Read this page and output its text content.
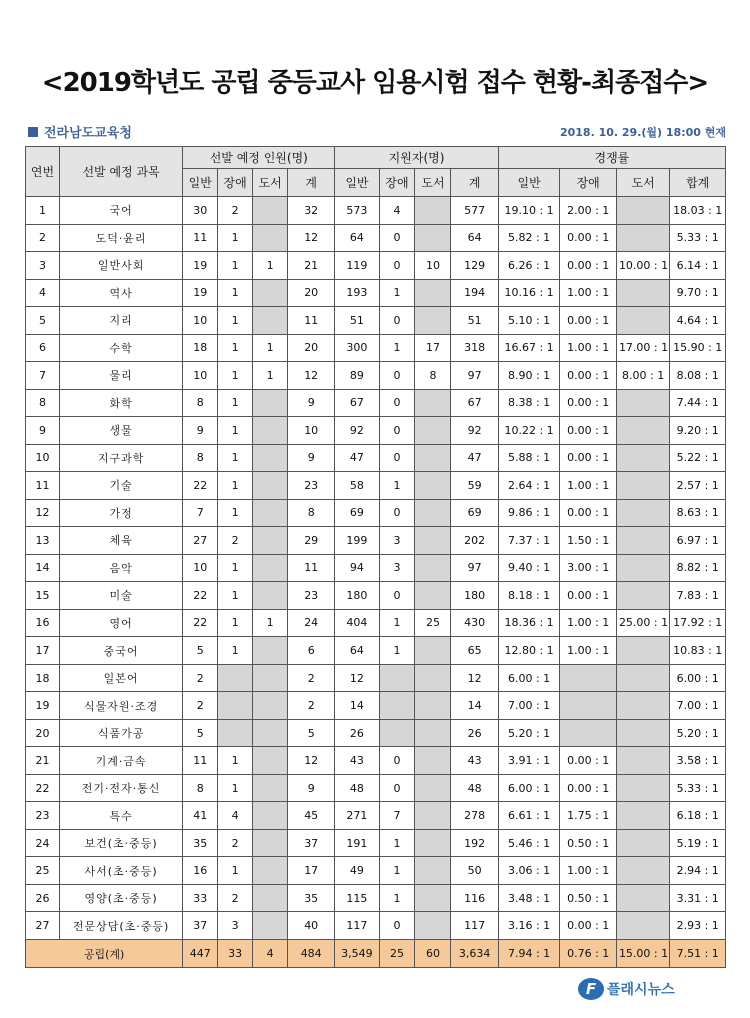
<2019학년도 공립 중등교사 임용시험 접수 현황-최종접수>
전라남도교육청	2018. 10. 29.(월) 18:00 현재
연번	선발 예정 과목	선발 예정 인원(명)				지원자(명)				경쟁률			
		일반	장애	도서	계	일반	장애	도서	계	일반	장애	도서	합계
1	국어	30	2		32	573	4		577	19.10 : 1	2.00 : 1		18.03 : 1
2	도덕·윤리	11	1		12	64	0		64	5.82 : 1	0.00 : 1		5.33 : 1
3	일반사회	19	1	1	21	119	0	10	129	6.26 : 1	0.00 : 1	10.00 : 1	6.14 : 1
4	역사	19	1		20	193	1		194	10.16 : 1	1.00 : 1		9.70 : 1
5	지리	10	1		11	51	0		51	5.10 : 1	0.00 : 1		4.64 : 1
6	수학	18	1	1	20	300	1	17	318	16.67 : 1	1.00 : 1	17.00 : 1	15.90 : 1
7	물리	10	1	1	12	89	0	8	97	8.90 : 1	0.00 : 1	8.00 : 1	8.08 : 1
8	화학	8	1		9	67	0		67	8.38 : 1	0.00 : 1		7.44 : 1
9	생물	9	1		10	92	0		92	10.22 : 1	0.00 : 1		9.20 : 1
10	지구과학	8	1		9	47	0		47	5.88 : 1	0.00 : 1		5.22 : 1
11	기술	22	1		23	58	1		59	2.64 : 1	1.00 : 1		2.57 : 1
12	가정	7	1		8	69	0		69	9.86 : 1	0.00 : 1		8.63 : 1
13	체육	27	2		29	199	3		202	7.37 : 1	1.50 : 1		6.97 : 1
14	음악	10	1		11	94	3		97	9.40 : 1	3.00 : 1		8.82 : 1
15	미술	22	1		23	180	0		180	8.18 : 1	0.00 : 1		7.83 : 1
16	영어	22	1	1	24	404	1	25	430	18.36 : 1	1.00 : 1	25.00 : 1	17.92 : 1
17	중국어	5	1		6	64	1		65	12.80 : 1	1.00 : 1		10.83 : 1
18	일본어	2			2	12			12	6.00 : 1			6.00 : 1
19	식물자원·조경	2			2	14			14	7.00 : 1			7.00 : 1
20	식품가공	5			5	26			26	5.20 : 1			5.20 : 1
21	기계·금속	11	1		12	43	0		43	3.91 : 1	0.00 : 1		3.58 : 1
22	전기·전자·통신	8	1		9	48	0		48	6.00 : 1	0.00 : 1		5.33 : 1
23	특수	41	4		45	271	7		278	6.61 : 1	1.75 : 1		6.18 : 1
24	보건(초·중등)	35	2		37	191	1		192	5.46 : 1	0.50 : 1		5.19 : 1
25	사서(초·중등)	16	1		17	49	1		50	3.06 : 1	1.00 : 1		2.94 : 1
26	영양(초·중등)	33	2		35	115	1		116	3.48 : 1	0.50 : 1		3.31 : 1
27	전문상담(초·중등)	37	3		40	117	0		117	3.16 : 1	0.00 : 1		2.93 : 1
공립(계)		447	33	4	484	3,549	25	60	3,634	7.94 : 1	0.76 : 1	15.00 : 1	7.51 : 1
F 플래시뉴스
